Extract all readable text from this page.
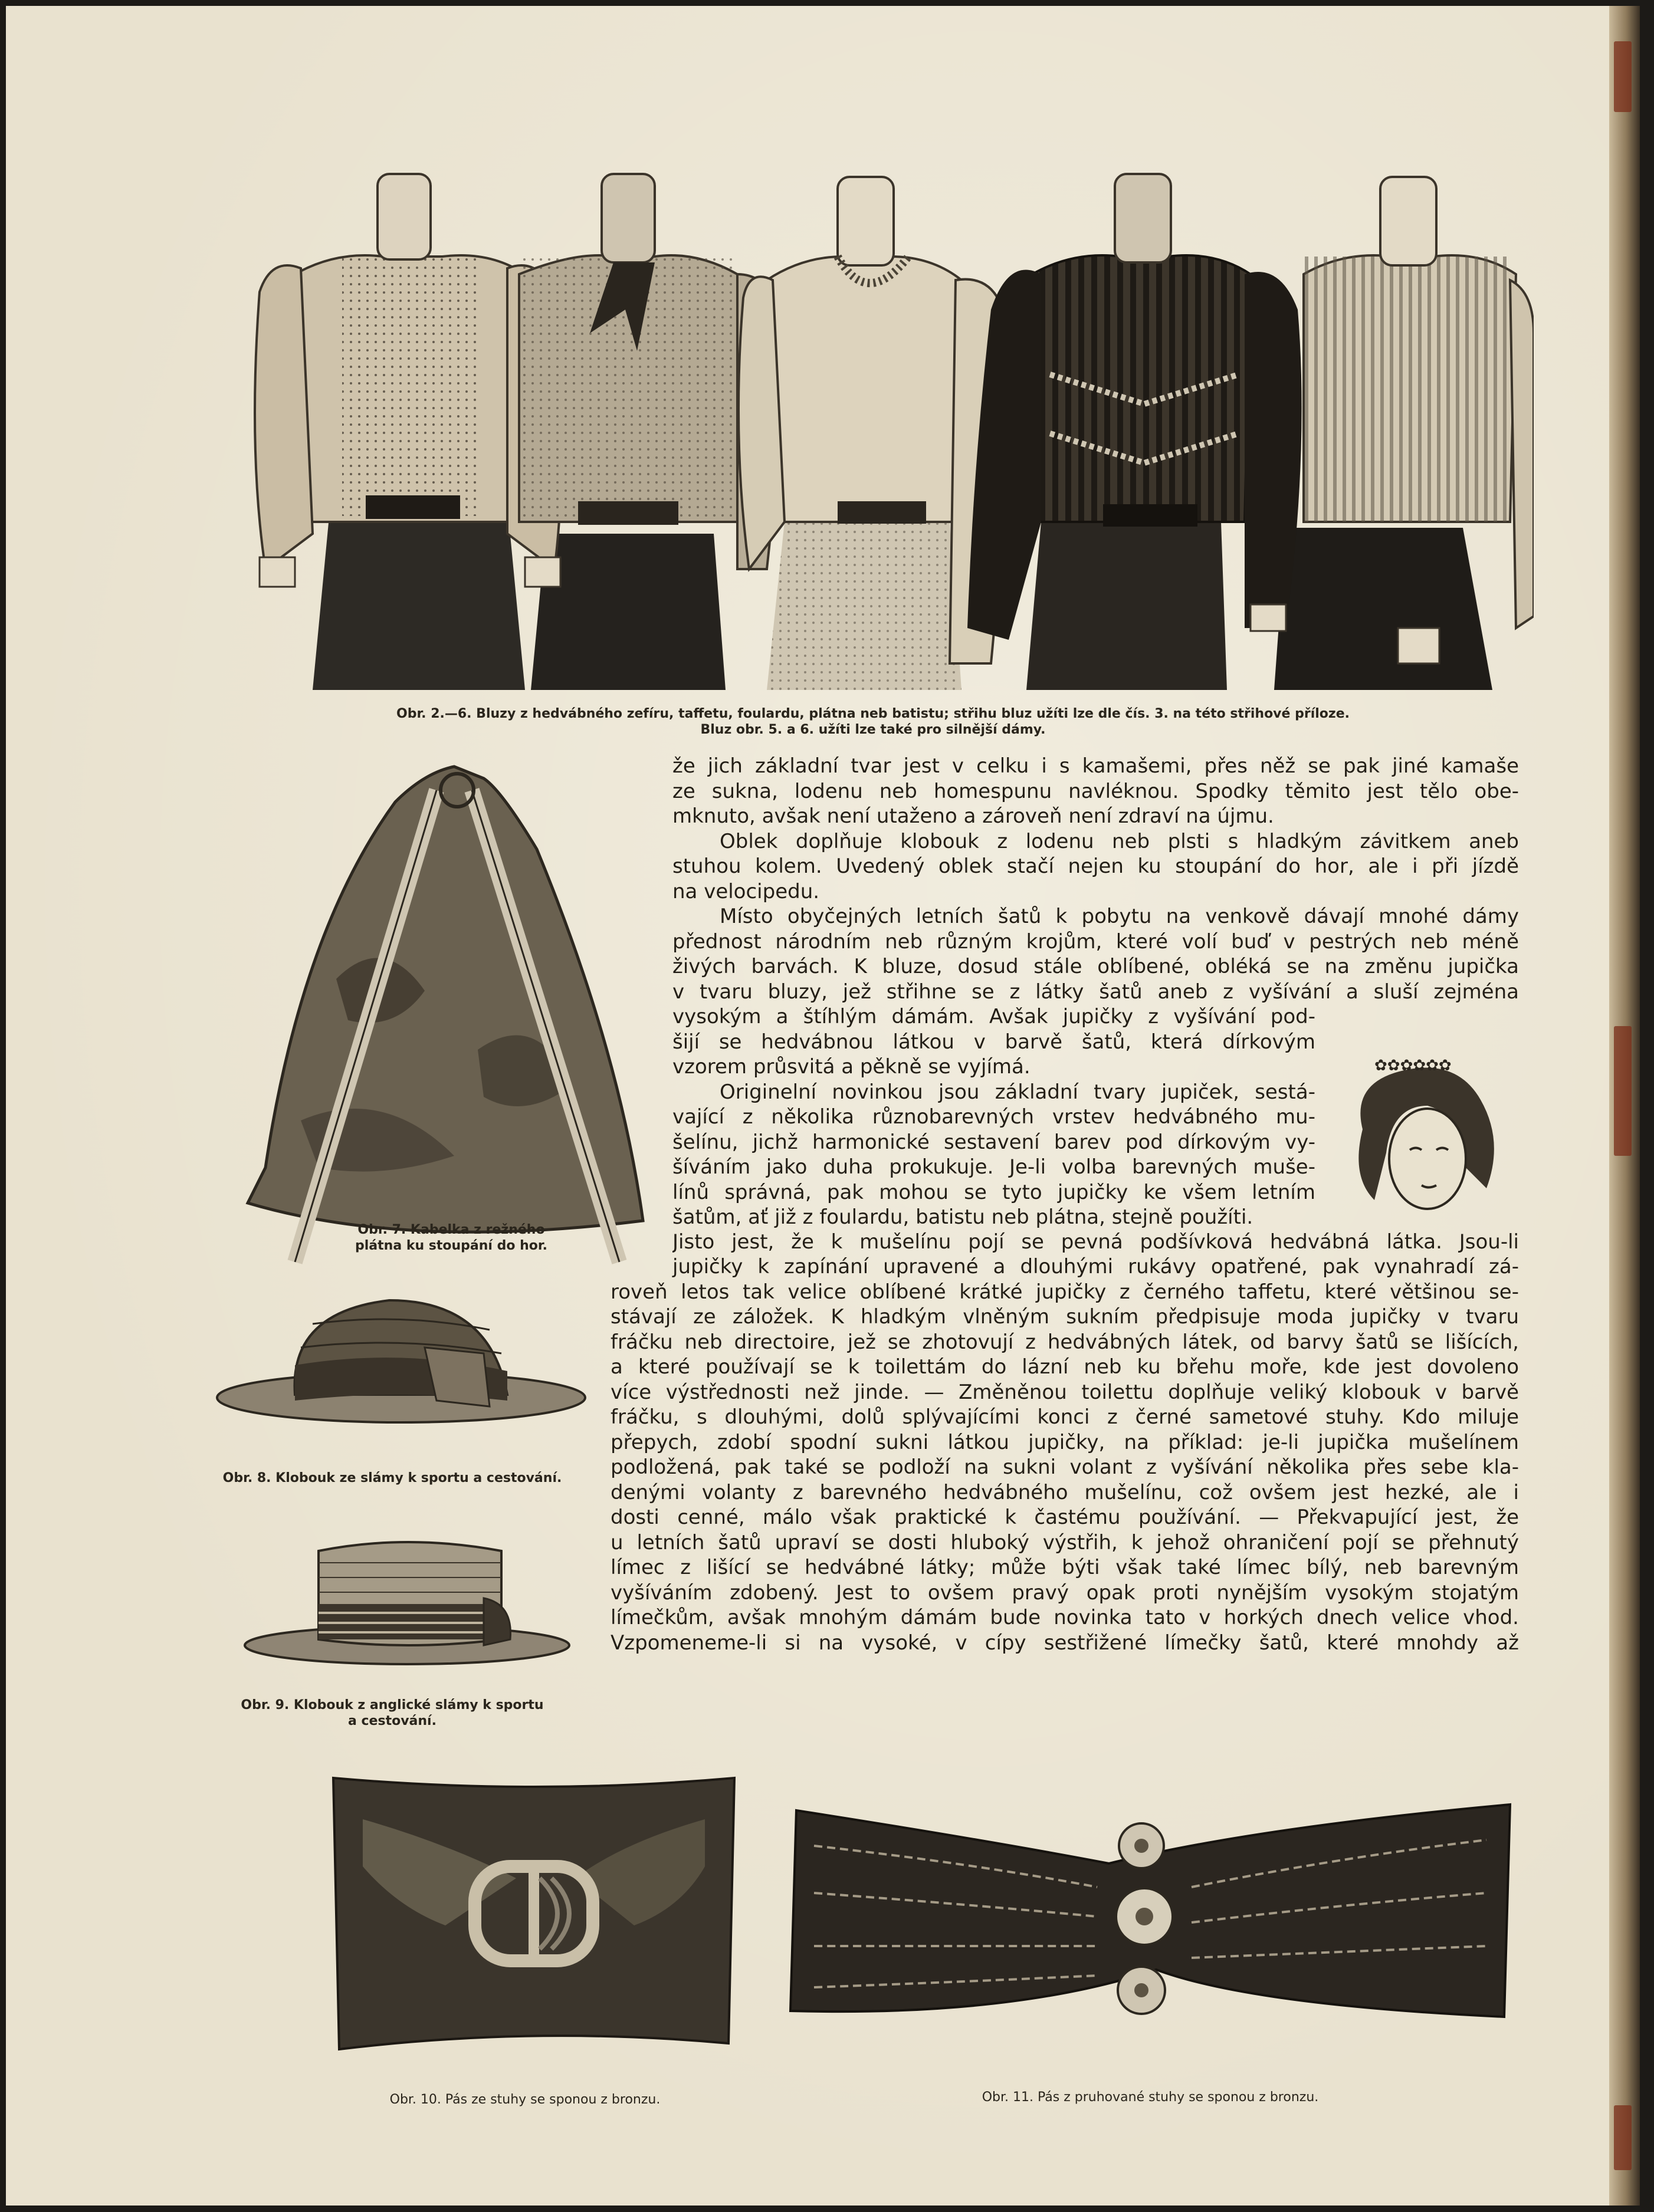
Obr. 2.—6. Bluzy z hedvábného zefíru, taffetu, foulardu, plátna neb batistu; střihu bluz užíti lze dle čís. 3. na této střihové příloze.
Bluz obr. 5. a 6. užíti lze také pro silnější dámy.
Obr. 7. Kabelka z režného
plátna ku stoupání do hor.
Obr. 8. Klobouk ze slámy k sportu a cestování.
Obr. 9. Klobouk z anglické slámy k sportu
a cestování.
✿✿✿✿✿✿
že jich základní tvar jest v celku i s kamašemi, přes něž se pak jiné kamaše
ze sukna, lodenu neb homespunu navléknou. Spodky těmito jest tělo obe-
mknuto, avšak není utaženo a zároveň není zdraví na újmu.
Oblek doplňuje klobouk z lodenu neb plsti s hladkým závitkem aneb
stuhou kolem. Uvedený oblek stačí nejen ku stoupání do hor, ale i při jízdě
na velocipedu.
Místo obyčejných letních šatů k pobytu na venkově dávají mnohé dámy
přednost národním neb různým krojům, které volí buď v pestrých neb méně
živých barvách. K bluze, dosud stále oblíbené, obléká se na změnu jupička
v tvaru bluzy, jež střihne se z látky šatů aneb z vyšívání a sluší zejména
vysokým a štíhlým dámám. Avšak jupičky z vyšívání pod-
šijí se hedvábnou látkou v barvě šatů, která dírkovým
vzorem průsvitá a pěkně se vyjímá.
Originelní novinkou jsou základní tvary jupiček, sestá-
vající z několika různobarevných vrstev hedvábného mu-
šelínu, jichž harmonické sestavení barev pod dírkovým vy-
šíváním jako duha prokukuje. Je-li volba barevných muše-
línů správná, pak mohou se tyto jupičky ke všem letním
šatům, ať již z foulardu, batistu neb plátna, stejně použíti.
Jisto jest, že k mušelínu pojí se pevná podšívková hedvábná látka. Jsou-li
jupičky k zapínání upravené a dlouhými rukávy opatřené, pak vynahradí zá-
roveň letos tak velice oblíbené krátké jupičky z černého taffetu, které většinou se-
stávají ze záložek. K hladkým vlněným sukním předpisuje moda jupičky v tvaru
fráčku neb directoire, jež se zhotovují z hedvábných látek, od barvy šatů se lišících,
a které používají se k toilettám do lázní neb ku břehu moře, kde jest dovoleno
více výstřednosti než jinde. — Změněnou toilettu doplňuje veliký klobouk v barvě
fráčku, s dlouhými, dolů splývajícími konci z černé sametové stuhy. Kdo miluje
přepych, zdobí spodní sukni látkou jupičky, na příklad: je-li jupička mušelínem
podložená, pak také se podloží na sukni volant z vyšívání několika přes sebe kla-
denými volanty z barevného hedvábného mušelínu, což ovšem jest hezké, ale i
dosti cenné, málo však praktické k častému používání. — Překvapující jest, že
u letních šatů upraví se dosti hluboký výstřih, k jehož ohraničení pojí se přehnutý
límec z lišící se hedvábné látky; může býti však také límec bílý, neb barevným
vyšíváním zdobený. Jest to ovšem pravý opak proti nynějším vysokým stojatým
límečkům, avšak mnohým dámám bude novinka tato v horkých dnech velice vhod.
Vzpomeneme-li si na vysoké, v cípy sestřižené límečky šatů, které mnohdy až
Obr. 10. Pás ze stuhy se sponou z bronzu.	Obr. 11. Pás z pruhované stuhy se sponou z bronzu.
